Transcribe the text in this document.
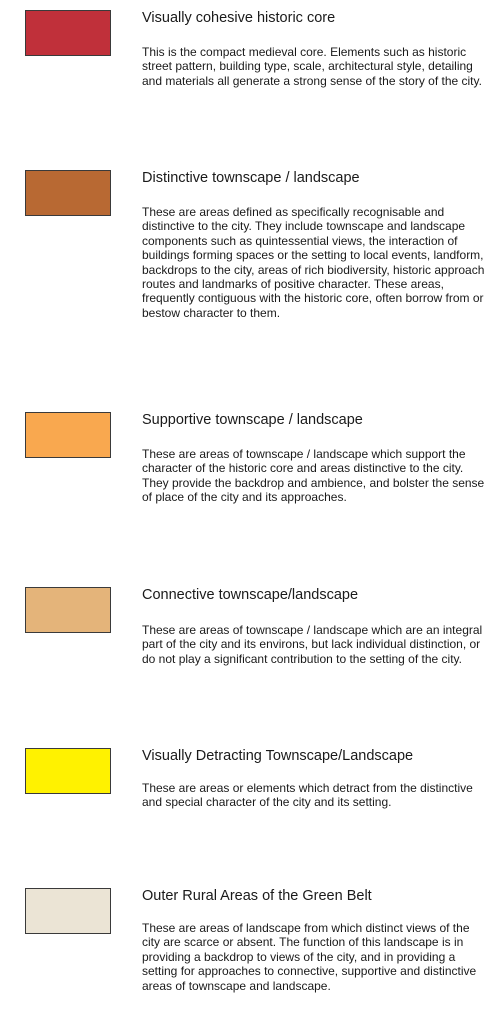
Visually cohesive historic core

This is the compact medieval core. Elements such as historic street pattern, building type, scale, architectural style, detailing and materials all generate a strong sense of the story of the city.

Distinctive townscape / landscape

These are areas defined as specifically recognisable and distinctive to the city. They include townscape and landscape components such as quintessential views, the interaction of buildings forming spaces or the setting to local events, landform, backdrops to the city, areas of rich biodiversity, historic approach routes and landmarks of positive character. These areas, frequently contiguous with the historic core, often borrow from or bestow character to them.

Supportive townscape / landscape

These are areas of townscape / landscape which support the character of the historic core and areas distinctive to the city. They provide the backdrop and ambience, and bolster the sense of place of the city and its approaches.

Connective townscape/landscape

These are areas of townscape / landscape which are an integral part of the city and its environs, but lack individual distinction, or do not play a significant contribution to the setting of the city.

Visually Detracting Townscape/Landscape

These are areas or elements which detract from the distinctive and special character of the city and its setting.

Outer Rural Areas of the Green Belt

These are areas of landscape from which distinct views of the city are scarce or absent. The function of this landscape is in providing a backdrop to views of the city, and in providing a setting for approaches to connective, supportive and distinctive areas of townscape and landscape.
